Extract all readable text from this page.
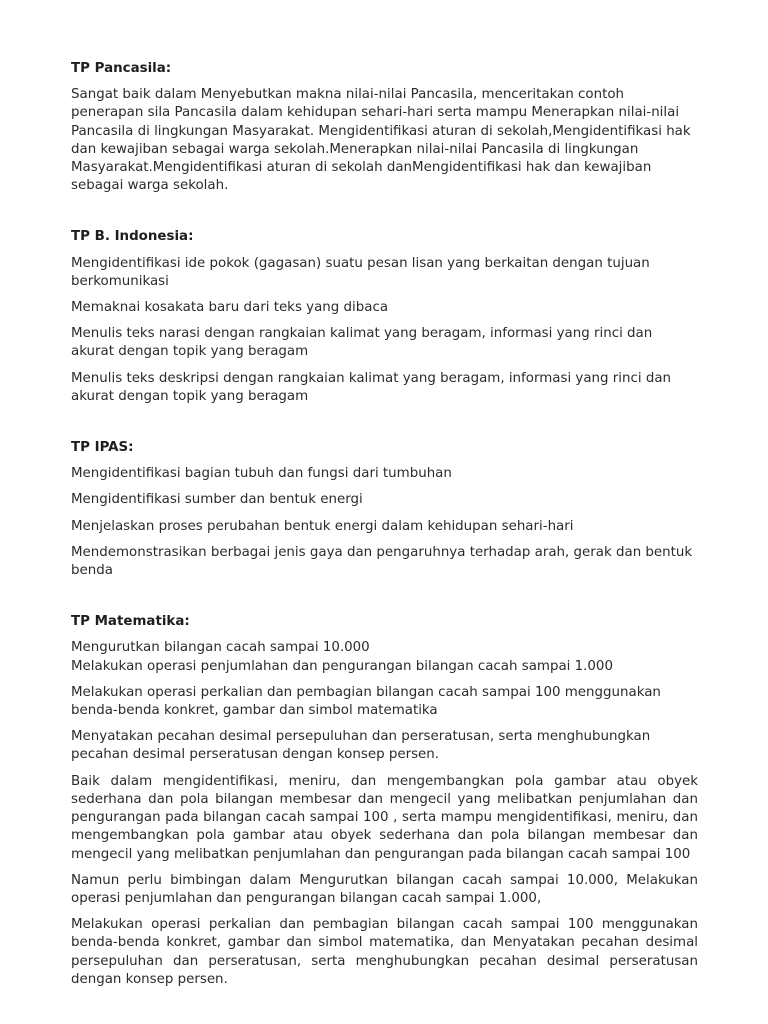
TP Pancasila:

Sangat baik dalam Menyebutkan makna nilai-nilai Pancasila, menceritakan contoh penerapan sila Pancasila dalam kehidupan sehari-hari serta mampu Menerapkan nilai-nilai Pancasila di lingkungan Masyarakat. Mengidentifikasi aturan di sekolah,Mengidentifikasi hak dan kewajiban sebagai warga sekolah.Menerapkan nilai-nilai Pancasila di lingkungan Masyarakat.Mengidentifikasi aturan di sekolah danMengidentifikasi hak dan kewajiban sebagai warga sekolah.

TP B. Indonesia:

Mengidentifikasi ide pokok (gagasan) suatu pesan lisan yang berkaitan dengan tujuan berkomunikasi

Memaknai kosakata baru dari teks yang dibaca

Menulis teks narasi dengan rangkaian kalimat yang beragam, informasi yang rinci dan akurat dengan topik yang beragam

Menulis teks deskripsi dengan rangkaian kalimat yang beragam, informasi yang rinci dan akurat dengan topik yang beragam

TP IPAS:

Mengidentifikasi bagian tubuh dan fungsi dari tumbuhan

Mengidentifikasi sumber dan bentuk energi

Menjelaskan proses perubahan bentuk energi dalam kehidupan sehari-hari

Mendemonstrasikan berbagai jenis gaya dan pengaruhnya terhadap arah, gerak dan bentuk benda

TP Matematika:

Mengurutkan bilangan cacah sampai 10.000
Melakukan operasi penjumlahan dan pengurangan bilangan cacah sampai 1.000

Melakukan operasi perkalian dan pembagian bilangan cacah sampai 100 menggunakan benda-benda konkret, gambar dan simbol matematika

Menyatakan pecahan desimal persepuluhan dan perseratusan, serta menghubungkan pecahan desimal perseratusan dengan konsep persen.

Baik dalam mengidentifikasi, meniru, dan mengembangkan pola gambar atau obyek sederhana dan pola bilangan membesar dan mengecil yang melibatkan penjumlahan dan pengurangan pada bilangan cacah sampai 100 , serta mampu mengidentifikasi, meniru, dan mengembangkan pola gambar atau obyek sederhana dan pola bilangan membesar dan mengecil yang melibatkan penjumlahan dan pengurangan pada bilangan cacah sampai 100

Namun perlu bimbingan dalam Mengurutkan bilangan cacah sampai 10.000, Melakukan operasi penjumlahan dan pengurangan bilangan cacah sampai 1.000,

Melakukan operasi perkalian dan pembagian bilangan cacah sampai 100 menggunakan benda-benda konkret, gambar dan simbol matematika, dan Menyatakan pecahan desimal persepuluhan dan perseratusan, serta menghubungkan pecahan desimal perseratusan dengan konsep persen.
